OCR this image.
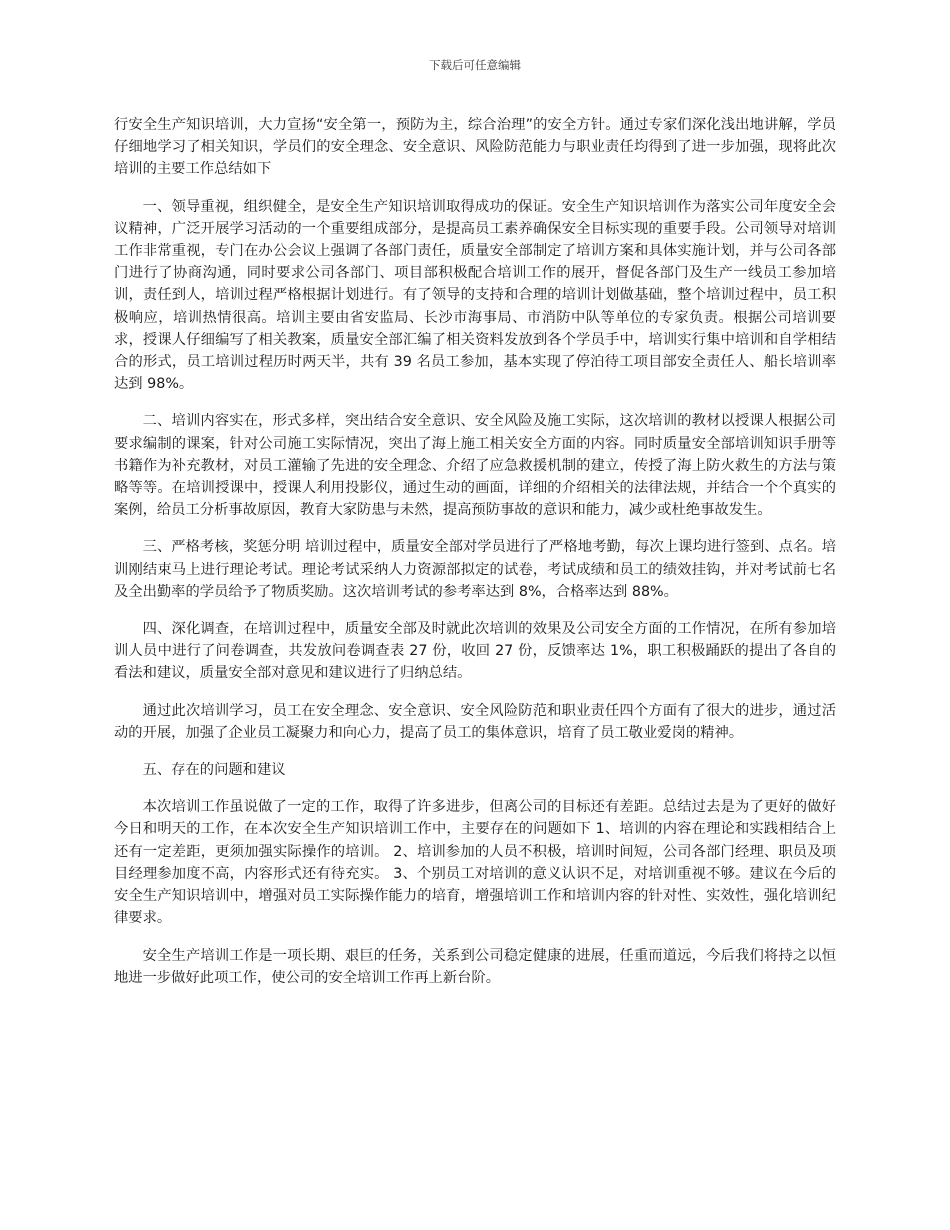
下载后可任意编辑

行安全生产知识培训，大力宣扬“安全第一，预防为主，综合治理”的安全方针。通过专家们深化浅出地讲解，学员仔细地学习了相关知识，学员们的安全理念、安全意识、风险防范能力与职业责任均得到了进一步加强，现将此次培训的主要工作总结如下

一、领导重视，组织健全，是安全生产知识培训取得成功的保证。安全生产知识培训作为落实公司年度安全会议精神，广泛开展学习活动的一个重要组成部分，是提高员工素养确保安全目标实现的重要手段。公司领导对培训工作非常重视，专门在办公会议上强调了各部门责任，质量安全部制定了培训方案和具体实施计划，并与公司各部门进行了协商沟通，同时要求公司各部门、项目部积极配合培训工作的展开，督促各部门及生产一线员工参加培训，责任到人，培训过程严格根据计划进行。有了领导的支持和合理的培训计划做基础，整个培训过程中，员工积极响应，培训热情很高。培训主要由省安监局、长沙市海事局、市消防中队等单位的专家负责。根据公司培训要求，授课人仔细编写了相关教案，质量安全部汇编了相关资料发放到各个学员手中，培训实行集中培训和自学相结合的形式，员工培训过程历时两天半，共有 39 名员工参加，基本实现了停泊待工项目部安全责任人、船长培训率达到 98%。

二、培训内容实在，形式多样，突出结合安全意识、安全风险及施工实际，这次培训的教材以授课人根据公司要求编制的课案，针对公司施工实际情况，突出了海上施工相关安全方面的内容。同时质量安全部培训知识手册等书籍作为补充教材，对员工灌输了先进的安全理念、介绍了应急救援机制的建立，传授了海上防火救生的方法与策略等等。在培训授课中，授课人利用投影仪，通过生动的画面，详细的介绍相关的法律法规，并结合一个个真实的案例，给员工分析事故原因，教育大家防患与未然，提高预防事故的意识和能力，减少或杜绝事故发生。

三、严格考核，奖惩分明 培训过程中，质量安全部对学员进行了严格地考勤，每次上课均进行签到、点名。培训刚结束马上进行理论考试。理论考试采纳人力资源部拟定的试卷，考试成绩和员工的绩效挂钩，并对考试前七名及全出勤率的学员给予了物质奖励。这次培训考试的参考率达到 8%，合格率达到 88%。

四、深化调查，在培训过程中，质量安全部及时就此次培训的效果及公司安全方面的工作情况，在所有参加培训人员中进行了问卷调查，共发放问卷调查表 27 份，收回 27 份，反馈率达 1%，职工积极踊跃的提出了各自的看法和建议，质量安全部对意见和建议进行了归纳总结。

通过此次培训学习，员工在安全理念、安全意识、安全风险防范和职业责任四个方面有了很大的进步，通过活动的开展，加强了企业员工凝聚力和向心力，提高了员工的集体意识，培育了员工敬业爱岗的精神。

五、存在的问题和建议

本次培训工作虽说做了一定的工作，取得了许多进步，但离公司的目标还有差距。总结过去是为了更好的做好今日和明天的工作，在本次安全生产知识培训工作中，主要存在的问题如下 1、培训的内容在理论和实践相结合上还有一定差距，更须加强实际操作的培训。 2、培训参加的人员不积极，培训时间短，公司各部门经理、职员及项目经理参加度不高，内容形式还有待充实。 3、个别员工对培训的意义认识不足，对培训重视不够。建议在今后的安全生产知识培训中，增强对员工实际操作能力的培育，增强培训工作和培训内容的针对性、实效性，强化培训纪律要求。

安全生产培训工作是一项长期、艰巨的任务，关系到公司稳定健康的进展，任重而道远，今后我们将持之以恒地进一步做好此项工作，使公司的安全培训工作再上新台阶。
